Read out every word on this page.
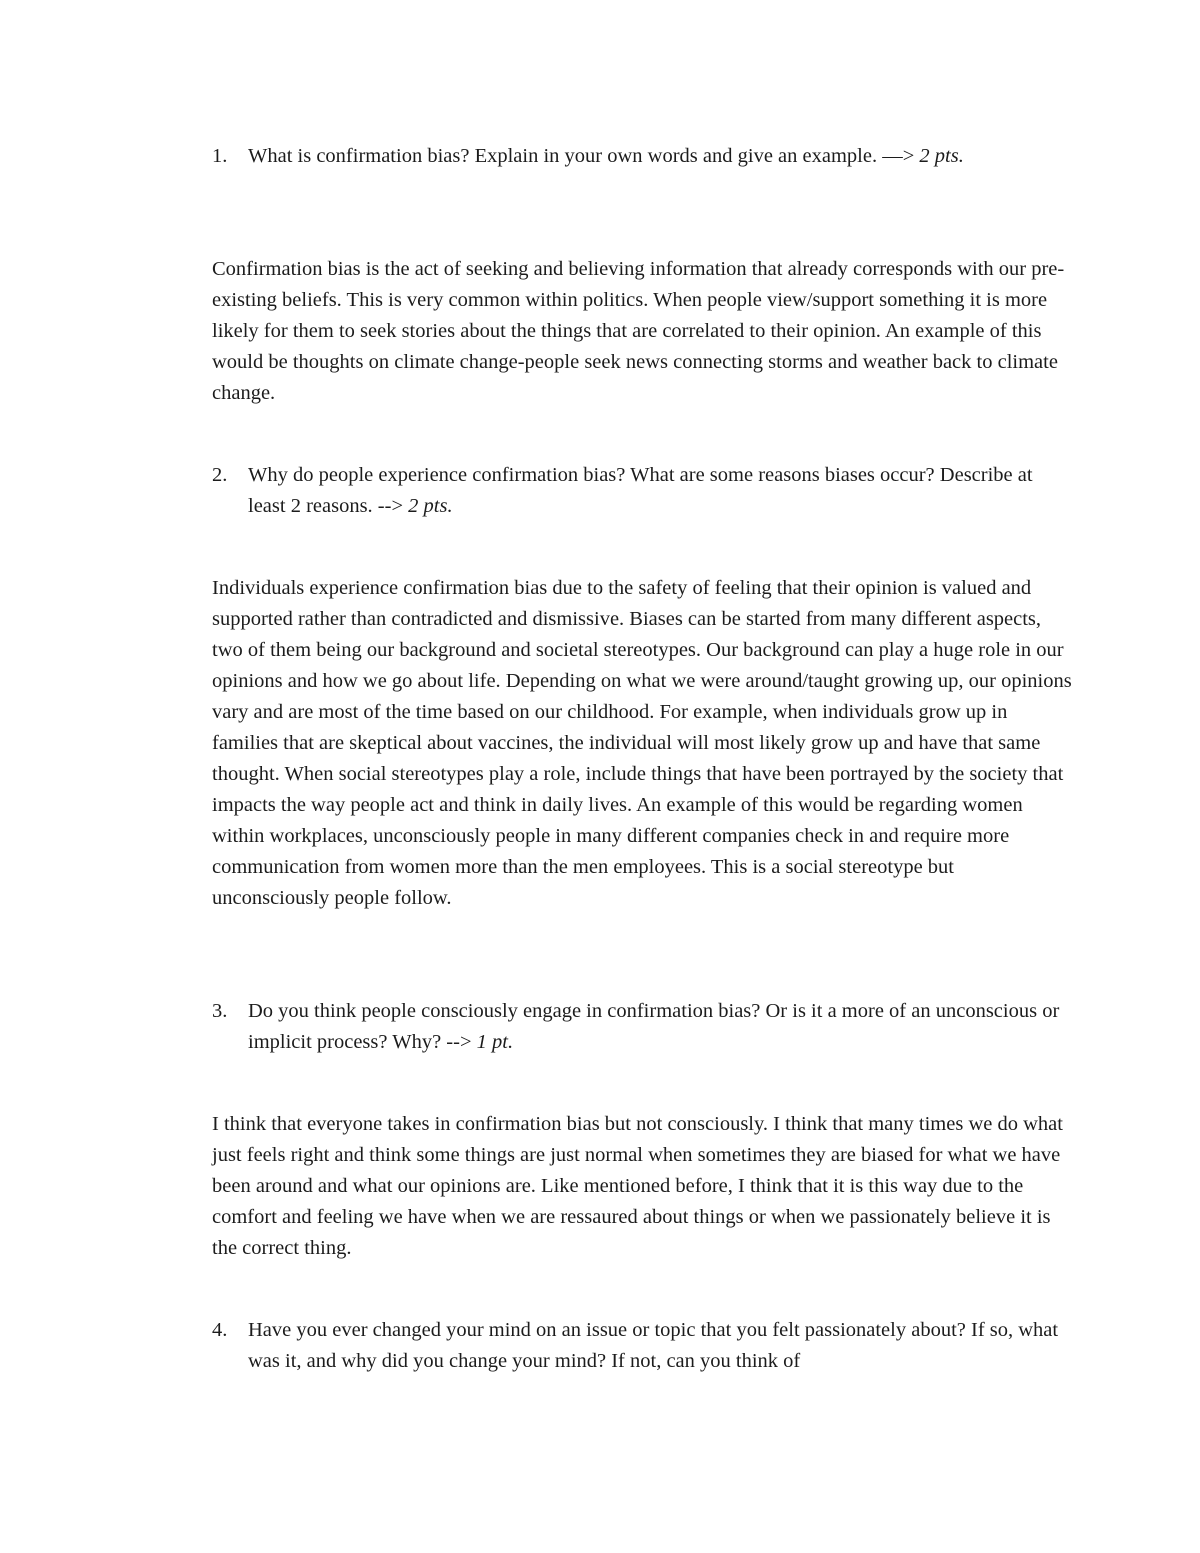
1. What is confirmation bias? Explain in your own words and give an example. —> 2 pts.

Confirmation bias is the act of seeking and believing information that already corresponds with our pre-existing beliefs. This is very common within politics. When people view/support something it is more likely for them to seek stories about the things that are correlated to their opinion. An example of this would be thoughts on climate change-people seek news connecting storms and weather back to climate change.

2. Why do people experience confirmation bias? What are some reasons biases occur? Describe at least 2 reasons. --> 2 pts.

Individuals experience confirmation bias due to the safety of feeling that their opinion is valued and supported rather than contradicted and dismissive. Biases can be started from many different aspects, two of them being our background and societal stereotypes. Our background can play a huge role in our opinions and how we go about life. Depending on what we were around/taught growing up, our opinions vary and are most of the time based on our childhood. For example, when individuals grow up in families that are skeptical about vaccines, the individual will most likely grow up and have that same thought. When social stereotypes play a role, include things that have been portrayed by the society that impacts the way people act and think in daily lives. An example of this would be regarding women within workplaces, unconsciously people in many different companies check in and require more communication from women more than the men employees. This is a social stereotype but unconsciously people follow.

3. Do you think people consciously engage in confirmation bias? Or is it a more of an unconscious or implicit process? Why? --> 1 pt.

I think that everyone takes in confirmation bias but not consciously. I think that many times we do what just feels right and think some things are just normal when sometimes they are biased for what we have been around and what our opinions are. Like mentioned before, I think that it is this way due to the comfort and feeling we have when we are ressaured about things or when we passionately believe it is the correct thing.

4. Have you ever changed your mind on an issue or topic that you felt passionately about? If so, what was it, and why did you change your mind? If not, can you think of
